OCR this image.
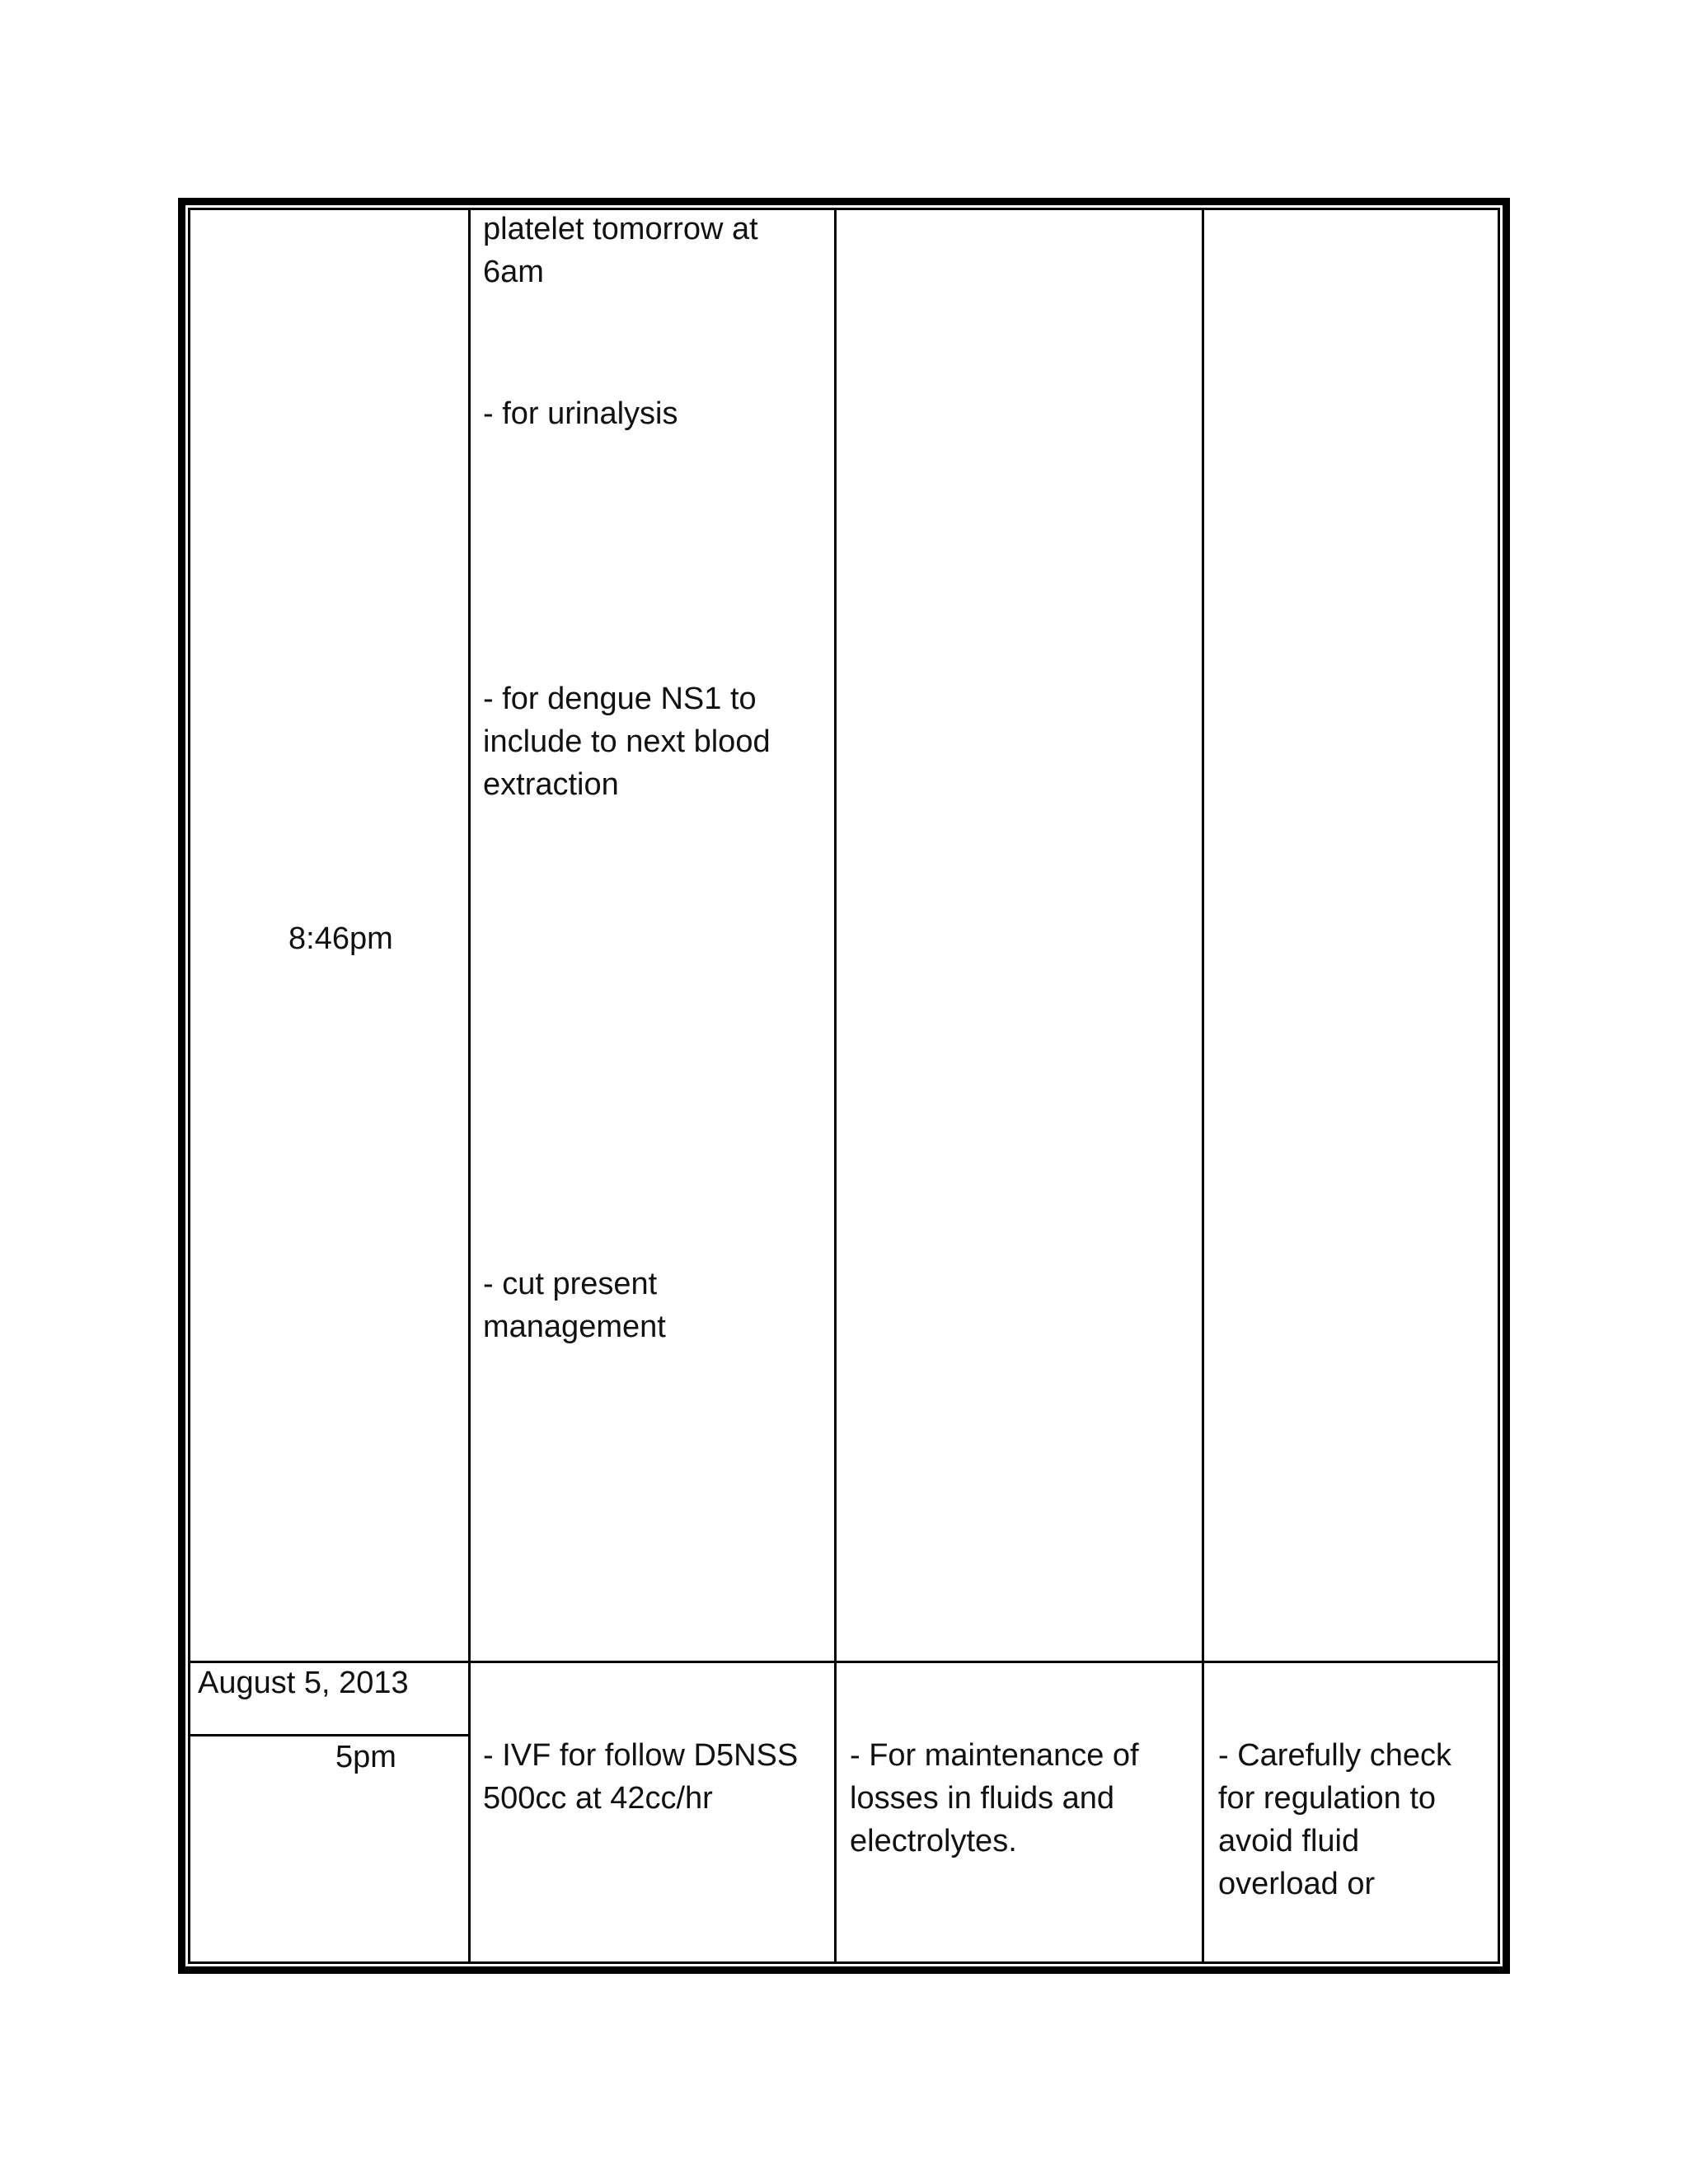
8:46pm
platelet tomorrow at
6am
- for urinalysis
- for dengue NS1 to
include to next blood
extraction
- cut present
management
August 5, 2013
5pm	- IVF for follow D5NSS
500cc at 42cc/hr
- For maintenance of
losses in fluids and
electrolytes.
- Carefully check
for regulation to
avoid fluid
overload or
